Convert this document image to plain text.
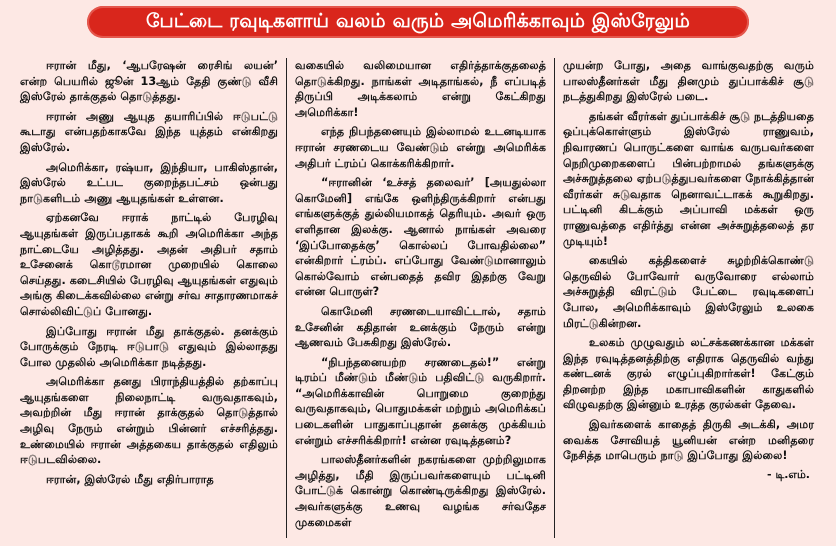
பேட்டை ரவுடிகளாய் வலம் வரும் அமெரிக்காவும் இஸ்ரேலும்

ஈரான் மீது, ‘ஆபரேஷன் ரைசிங் லயன்’ என்ற பெயரில் ஜூன் 13ஆம் தேதி குண்டு வீசி இஸ்ரேல் தாக்குதல் தொடுத்தது.

ஈரான் அணு ஆயுத தயாரிப்பில் ஈடுபட்டு கூடாது என்பதற்காகவே இந்த யுத்தம் என்கிறது இஸ்ரேல்.

அமெரிக்கா, ரஷ்யா, இந்தியா, பாகிஸ்தான், இஸ்ரேல் உட்பட குறைந்தபட்சம் ஒன்பது நாடுகளிடம் அணு ஆயுதங்கள் உள்ளன.

ஏற்கனவே ஈராக் நாட்டில் பேரழிவு ஆயுதங்கள் இருப்பதாகக் கூறி அமெரிக்கா அந்த நாட்டையே அழித்தது. அதன் அதிபர் சதாம் உசேனைக் கொடூரமான முறையில் கொலை செய்தது. கடைசியில் பேரழிவு ஆயுதங்கள் எதுவும் அங்கு கிடைக்கவில்லை என்று சர்வ சாதாரணமாகச் சொல்லிவிட்டுப் போனது.

இப்போது ஈரான் மீது தாக்குதல். தனக்கும் போருக்கும் நேரடி ஈடுபாடு எதுவும் இல்லாதது போல முதலில் அமெரிக்கா நடித்தது.

அமெரிக்கா தனது பிராந்தியத்தில் தற்காப்பு ஆயுதங்களை நிலைநாட்டி வருவதாகவும், அவற்றின் மீது ஈரான் தாக்குதல் தொடுத்தால் அழிவு நேரும் என்றும் பின்னர் எச்சரித்தது. உண்மையில் ஈரான் அத்தகைய தாக்குதல் எதிலும் ஈடுபடவில்லை.

ஈரான், இஸ்ரேல் மீது எதிர்பாராத

வகையில் வலிமையான எதிர்த்தாக்குதலைத் தொடுக்கிறது. நாங்கள் அடிதாங்கல், நீ எப்படித் திருப்பி அடிக்கலாம் என்று கேட்கிறது அமெரிக்கா!

எந்த நிபந்தனையும் இல்லாமல் உடனடியாக ஈரான் சரணடைய வேண்டும் என்று அமெரிக்க அதிபர் ட்ரம்ப் கொக்கரிக்கிறார்.

“ஈரானின் ‘உச்சத் தலைவர்’ [அயதுல்லா கொமேனி] எங்கே ஒளிந்திருக்கிறார் என்பது எங்களுக்குத் துல்லியமாகத் தெரியும். அவர் ஒரு எளிதான இலக்கு. ஆனால் நாங்கள் அவரை ‘இப்போதைக்கு’ கொல்லப் போவதில்லை” என்கிறார் ட்ரம்ப். எப்போது வேண்டுமானாலும் கொல்வோம் என்பதைத் தவிர இதற்கு வேறு என்ன பொருள்?

கொமேனி சரணடையாவிட்டால், சதாம் உசேனின் கதிதான் உனக்கும் நேரும் என்று ஆணவம் பேசுகிறது இஸ்ரேல்.

“நிபந்தனையற்ற சரணடைதல்!” என்று டிரம்ப் மீண்டும் மீண்டும் பதிவிட்டு வருகிறார். “அமெரிக்காவின் பொறுமை குறைந்து வருவதாகவும், பொதுமக்கள் மற்றும் அமெரிக்கப் படைகளின் பாதுகாப்புதான் தனக்கு முக்கியம் என்றும் எச்சரிக்கிறார்! என்ன ரவுடித்தனம்?

பாலஸ்தீனர்களின் நகரங்களை முற்றிலுமாக அழித்து, மீதி இருப்பவர்களையும் பட்டினி போட்டுக் கொன்று கொண்டிருக்கிறது இஸ்ரேல். அவர்களுக்கு உணவு வழங்க சர்வதேச முகமைகள்

முயன்ற போது, அதை வாங்குவதற்கு வரும் பாலஸ்தீனர்கள் மீது தினமும் துப்பாக்கிச் சூடு நடத்துகிறது இஸ்ரேல் படை.

தங்கள் வீரர்கள் துப்பாக்கிச் சூடு நடத்தியதை ஒப்புக்கொள்ளும் இஸ்ரேல் ராணுவம், நிவாரணப் பொருட்களை வாங்க வருபவர்களை நெறிமுறைகளைப் பின்பற்றாமல் தங்களுக்கு அச்சுறுத்தலை ஏற்படுத்துபவர்களை நோக்கித்தான் வீரர்கள் சுடுவதாக நெனாவட்டாகக் கூறுகிறது. பட்டினி கிடக்கும் அப்பாவி மக்கள் ஒரு ராணுவத்தை எதிர்த்து என்ன அச்சுறுத்தலைத் தர முடியும்!

கையில் கத்திகளைச் சுழற்றிக்கொண்டு தெருவில் போவோர் வருவோரை எல்லாம் அச்சுறுத்தி விரட்டும் பேட்டை ரவுடிகளைப் போல, அமெரிக்காவும் இஸ்ரேலும் உலகை மிரட்டுகின்றன.

உலகம் முழுவதும் லட்சக்கணக்கான மக்கள் இந்த ரவுடித்தனத்திற்கு எதிராக தெருவில் வந்து கண்டனக் குரல் எழுப்புகிறார்கள்! கேட்கும் திறனற்ற இந்த மகாபாவிகளின் காதுகளில் விழுவதற்கு இன்னும் உரத்த குரல்கள் தேவை.

இவர்களைக் காதைத் திருகி அடக்கி, அமர வைக்க சோவியத் யூனியன் என்ற மனிதரை நேசித்த மாபெரும் நாடு இப்போது இல்லை!

- டி.எம்.
